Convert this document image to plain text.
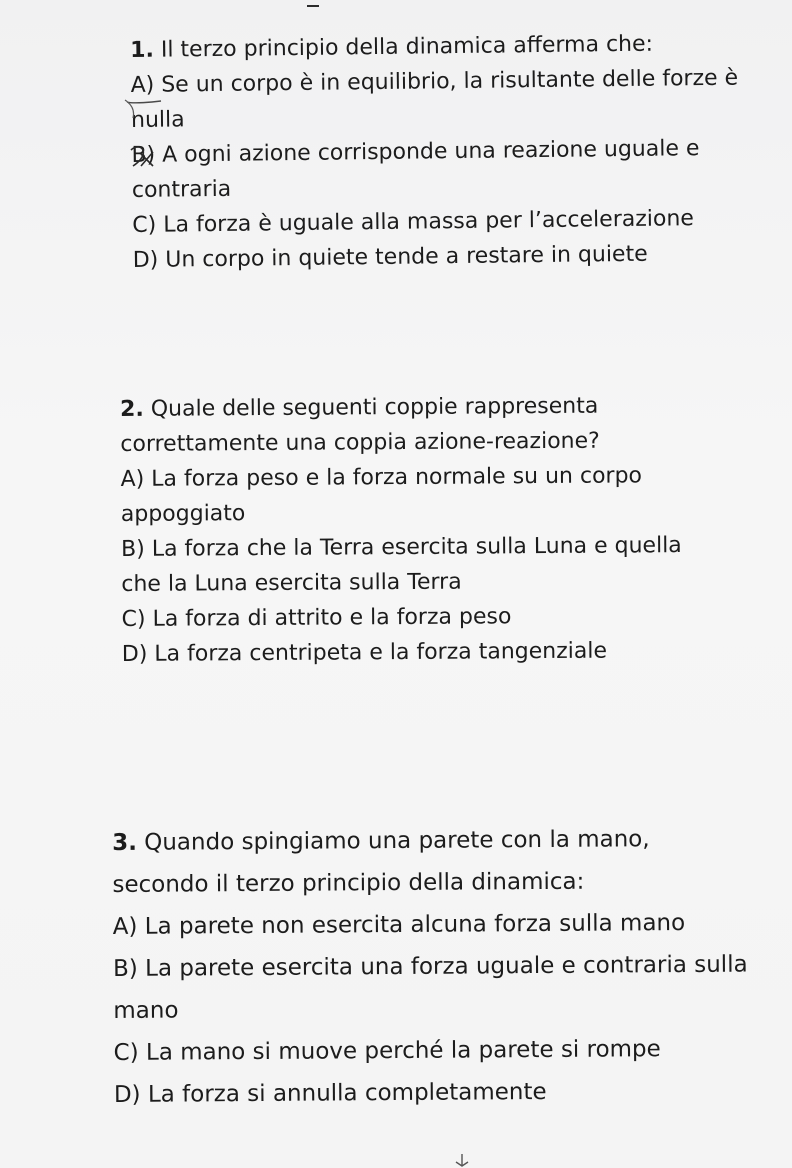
1. Il terzo principio della dinamica afferma che:
A) Se un corpo è in equilibrio, la risultante delle forze è
nulla
B) A ogni azione corrisponde una reazione uguale e
contraria
C) La forza è uguale alla massa per l’accelerazione
D) Un corpo in quiete tende a restare in quiete
2. Quale delle seguenti coppie rappresenta
correttamente una coppia azione-reazione?
A) La forza peso e la forza normale su un corpo
appoggiato
B) La forza che la Terra esercita sulla Luna e quella
che la Luna esercita sulla Terra
C) La forza di attrito e la forza peso
D) La forza centripeta e la forza tangenziale
3. Quando spingiamo una parete con la mano,
secondo il terzo principio della dinamica:
A) La parete non esercita alcuna forza sulla mano
B) La parete esercita una forza uguale e contraria sulla
mano
C) La mano si muove perché la parete si rompe
D) La forza si annulla completamente
